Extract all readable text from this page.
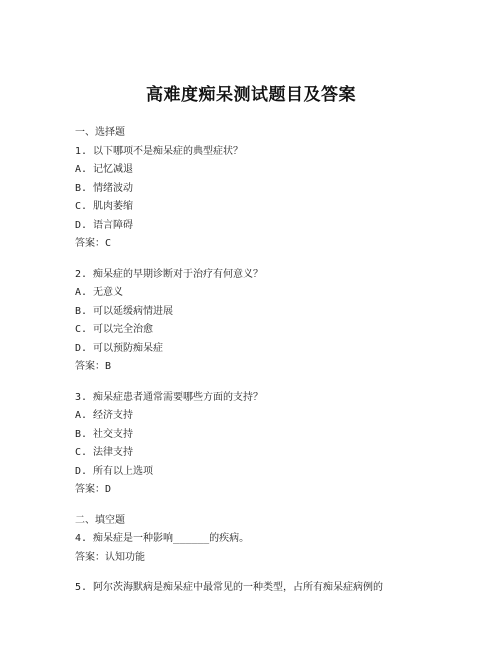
高难度痴呆测试题目及答案
一、选择题
1. 以下哪项不是痴呆症的典型症状？
A. 记忆减退
B. 情绪波动
C. 肌肉萎缩
D. 语言障碍
答案：C
2. 痴呆症的早期诊断对于治疗有何意义？
A. 无意义
B. 可以延缓病情进展
C. 可以完全治愈
D. 可以预防痴呆症
答案：B
3. 痴呆症患者通常需要哪些方面的支持？
A. 经济支持
B. 社交支持
C. 法律支持
D. 所有以上选项
答案：D
二、填空题
4. 痴呆症是一种影响______的疾病。
答案：认知功能
5. 阿尔茨海默病是痴呆症中最常见的一种类型，占所有痴呆症病例的
